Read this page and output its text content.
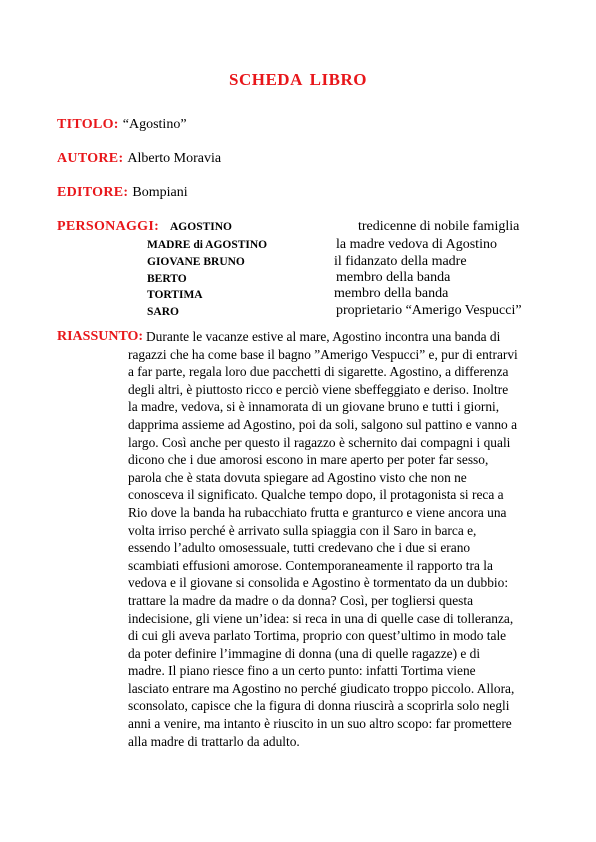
SCHEDA LIBRO
TITOLO: “Agostino”
AUTORE: Alberto Moravia
EDITORE: Bompiani
PERSONAGGI: AGOSTINO	tredicenne di nobile famiglia
MADRE di AGOSTINO	la madre vedova di Agostino
GIOVANE BRUNO	il fidanzato della madre
BERTO	membro della banda
TORTIMA	membro della banda
SARO	proprietario “Amerigo Vespucci”
RIASSUNTO: Durante le vacanze estive al mare, Agostino incontra una banda di
ragazzi che ha come base il bagno ”Amerigo Vespucci” e, pur di entrarvi
a far parte, regala loro due pacchetti di sigarette. Agostino, a differenza
degli altri, è piuttosto ricco e perciò viene sbeffeggiato e deriso. Inoltre
la madre, vedova, si è innamorata di un giovane bruno e tutti i giorni,
dapprima assieme ad Agostino, poi da soli, salgono sul pattino e vanno a
largo. Così anche per questo il ragazzo è schernito dai compagni i quali
dicono che i due amorosi escono in mare aperto per poter far sesso,
parola che è stata dovuta spiegare ad Agostino visto che non ne
conosceva il significato. Qualche tempo dopo, il protagonista si reca a
Rio dove la banda ha rubacchiato frutta e granturco e viene ancora una
volta irriso perché è arrivato sulla spiaggia con il Saro in barca e,
essendo l’adulto omosessuale, tutti credevano che i due si erano
scambiati effusioni amorose. Contemporaneamente il rapporto tra la
vedova e il giovane si consolida e Agostino è tormentato da un dubbio:
trattare la madre da madre o da donna? Così, per togliersi questa
indecisione, gli viene un’idea: si reca in una di quelle case di tolleranza,
di cui gli aveva parlato Tortima, proprio con quest’ultimo in modo tale
da poter definire l’immagine di donna (una di quelle ragazze) e di
madre. Il piano riesce fino a un certo punto: infatti Tortima viene
lasciato entrare ma Agostino no perché giudicato troppo piccolo. Allora,
sconsolato, capisce che la figura di donna riuscirà a scoprirla solo negli
anni a venire, ma intanto è riuscito in un suo altro scopo: far promettere
alla madre di trattarlo da adulto.
